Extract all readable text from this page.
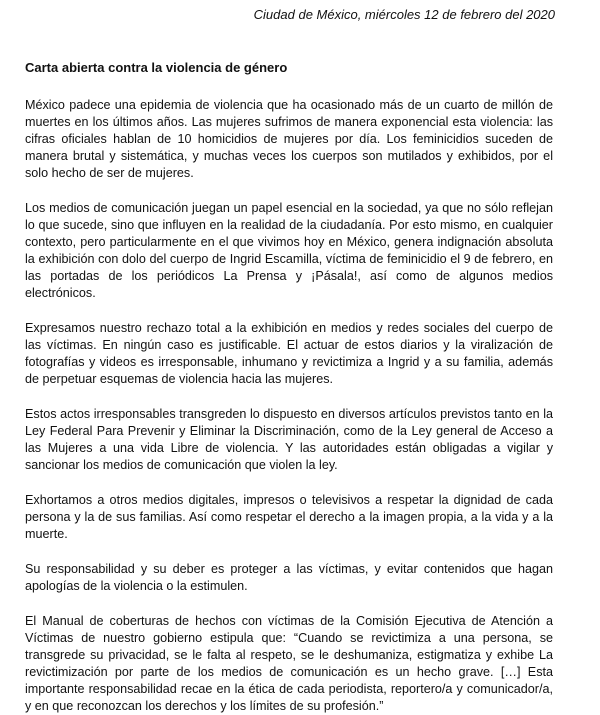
Ciudad de México, miércoles 12 de febrero del 2020
Carta abierta contra la violencia de género

México padece una epidemia de violencia que ha ocasionado más de un cuarto de millón de muertes en los últimos años. Las mujeres sufrimos de manera exponencial esta violencia: las cifras oficiales hablan de 10 homicidios de mujeres por día. Los feminicidios suceden de manera brutal y sistemática, y muchas veces los cuerpos son mutilados y exhibidos, por el solo hecho de ser de mujeres.

Los medios de comunicación juegan un papel esencial en la sociedad, ya que no sólo reflejan lo que sucede, sino que influyen en la realidad de la ciudadanía. Por esto mismo, en cualquier contexto, pero particularmente en el que vivimos hoy en México, genera indignación absoluta la exhibición con dolo del cuerpo de Ingrid Escamilla, víctima de feminicidio el 9 de febrero, en las portadas de los periódicos La Prensa y ¡Pásala!, así como de algunos medios electrónicos.

Expresamos nuestro rechazo total a la exhibición en medios y redes sociales del cuerpo de las víctimas. En ningún caso es justificable. El actuar de estos diarios y la viralización de fotografías y videos es irresponsable, inhumano y revictimiza a Ingrid y a su familia, además de perpetuar esquemas de violencia hacia las mujeres.

Estos actos irresponsables transgreden lo dispuesto en diversos artículos previstos tanto en la Ley Federal Para Prevenir y Eliminar la Discriminación, como de la Ley general de Acceso a las Mujeres a una vida Libre de violencia. Y las autoridades están obligadas a vigilar y sancionar los medios de comunicación que violen la ley.

Exhortamos a otros medios digitales, impresos o televisivos a respetar la dignidad de cada persona y la de sus familias. Así como respetar el derecho a la imagen propia, a la vida y a la muerte.

Su responsabilidad y su deber es proteger a las víctimas, y evitar contenidos que hagan apologías de la violencia o la estimulen.

El Manual de coberturas de hechos con víctimas de la Comisión Ejecutiva de Atención a Víctimas de nuestro gobierno estipula que: “Cuando se revictimiza a una persona, se transgrede su privacidad, se le falta al respeto, se le deshumaniza, estigmatiza y exhibe La revictimización por parte de los medios de comunicación es un hecho grave. […] Esta importante responsabilidad recae en la ética de cada periodista, reportero/a y comunicador/a, y en que reconozcan los derechos y los límites de su profesión.”
